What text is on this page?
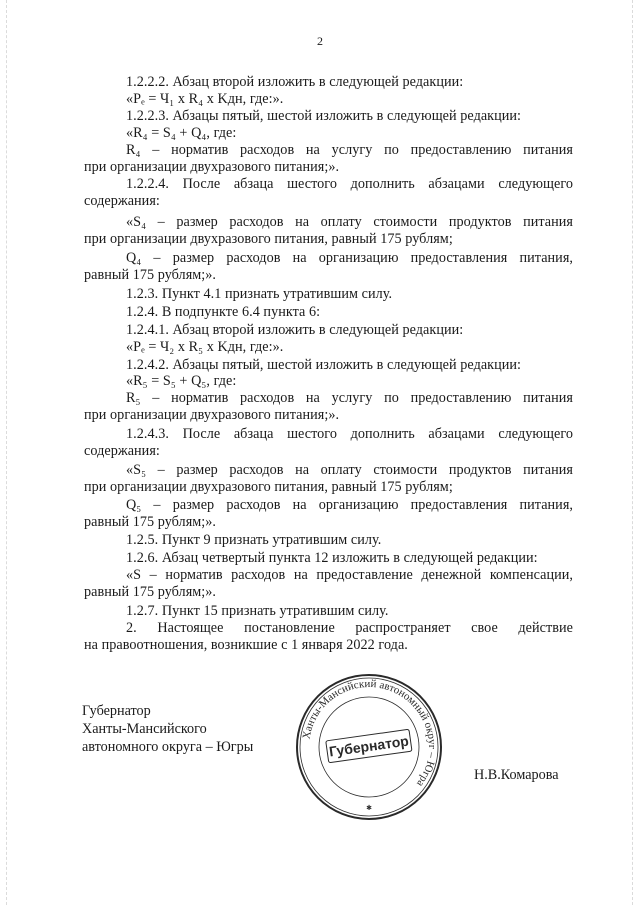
2
1.2.2.2. Абзац второй изложить в следующей редакции:
«Рₑ = Ч₁ х R₄ х Kдн, где:».
1.2.2.3. Абзацы пятый, шестой изложить в следующей редакции:
«R₄ = S₄ + Q₄, где:
R₄ – норматив расходов на услугу по предоставлению питания
при организации двухразового питания;».
1.2.2.4. После абзаца шестого дополнить абзацами следующего
содержания:
«S₄ – размер расходов на оплату стоимости продуктов питания
при организации двухразового питания, равный 175 рублям;
Q₄ – размер расходов на организацию предоставления питания,
равный 175 рублям;».
1.2.3. Пункт 4.1 признать утратившим силу.
1.2.4. В подпункте 6.4 пункта 6:
1.2.4.1. Абзац второй изложить в следующей редакции:
«Рₑ = Ч₂ х R₅ х Kдн, где:».
1.2.4.2. Абзацы пятый, шестой изложить в следующей редакции:
«R₅ = S₅ + Q₅, где:
R₅ – норматив расходов на услугу по предоставлению питания
при организации двухразового питания;».
1.2.4.3. После абзаца шестого дополнить абзацами следующего
содержания:
«S₅ – размер расходов на оплату стоимости продуктов питания
при организации двухразового питания, равный 175 рублям;
Q₅ – размер расходов на организацию предоставления питания,
равный 175 рублям;».
1.2.5. Пункт 9 признать утратившим силу.
1.2.6. Абзац четвертый пункта 12 изложить в следующей редакции:
«S – норматив расходов на предоставление денежной компенсации,
равный 175 рублям;».
1.2.7. Пункт 15 признать утратившим силу.
2. Настоящее постановление распространяет свое действие
на правоотношения, возникшие с 1 января 2022 года.
Губернатор
Ханты-Мансийского
автономного округа – Югры
Н.В.Комарова
Ханты-Мансийский автономный округ – Югра
Губернатор
✱
